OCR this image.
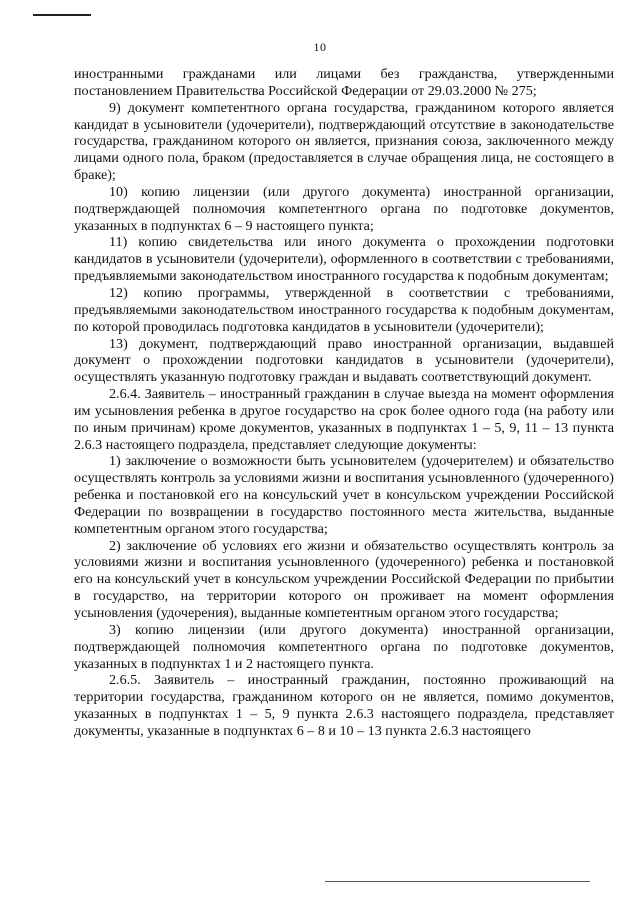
10

иностранными гражданами или лицами без гражданства, утвержденными постановлением Правительства Российской Федерации от 29.03.2000 № 275;

9) документ компетентного органа государства, гражданином которого является кандидат в усыновители (удочерители), подтверждающий отсутствие в законодательстве государства, гражданином которого он является, признания союза, заключенного между лицами одного пола, браком (предоставляется в случае обращения лица, не состоящего в браке);

10) копию лицензии (или другого документа) иностранной организации, подтверждающей полномочия компетентного органа по подготовке документов, указанных в подпунктах 6 – 9 настоящего пункта;

11) копию свидетельства или иного документа о прохождении подготовки кандидатов в усыновители (удочерители), оформленного в соответствии с требованиями, предъявляемыми законодательством иностранного государства к подобным документам;

12) копию программы, утвержденной в соответствии с требованиями, предъявляемыми законодательством иностранного государства к подобным документам, по которой проводилась подготовка кандидатов в усыновители (удочерители);

13) документ, подтверждающий право иностранной организации, выдавшей документ о прохождении подготовки кандидатов в усыновители (удочерители), осуществлять указанную подготовку граждан и выдавать соответствующий документ.

2.6.4. Заявитель – иностранный гражданин в случае выезда на момент оформления им усыновления ребенка в другое государство на срок более одного года (на работу или по иным причинам) кроме документов, указанных в подпунктах 1 – 5, 9, 11 – 13 пункта 2.6.3 настоящего подраздела, представляет следующие документы:

1) заключение о возможности быть усыновителем (удочерителем) и обязательство осуществлять контроль за условиями жизни и воспитания усыновленного (удочеренного) ребенка и постановкой его на консульский учет в консульском учреждении Российской Федерации по возвращении в государство постоянного места жительства, выданные компетентным органом этого государства;

2) заключение об условиях его жизни и обязательство осуществлять контроль за условиями жизни и воспитания усыновленного (удочеренного) ребенка и постановкой его на консульский учет в консульском учреждении Российской Федерации по прибытии в государство, на территории которого он проживает на момент оформления усыновления (удочерения), выданные компетентным органом этого государства;

3) копию лицензии (или другого документа) иностранной организации, подтверждающей полномочия компетентного органа по подготовке документов, указанных в подпунктах 1 и 2 настоящего пункта.

2.6.5. Заявитель – иностранный гражданин, постоянно проживающий на территории государства, гражданином которого он не является, помимо документов, указанных в подпунктах 1 – 5, 9 пункта 2.6.3 настоящего подраздела, представляет документы, указанные в подпунктах 6 – 8 и 10 – 13 пункта 2.6.3 настоящего
